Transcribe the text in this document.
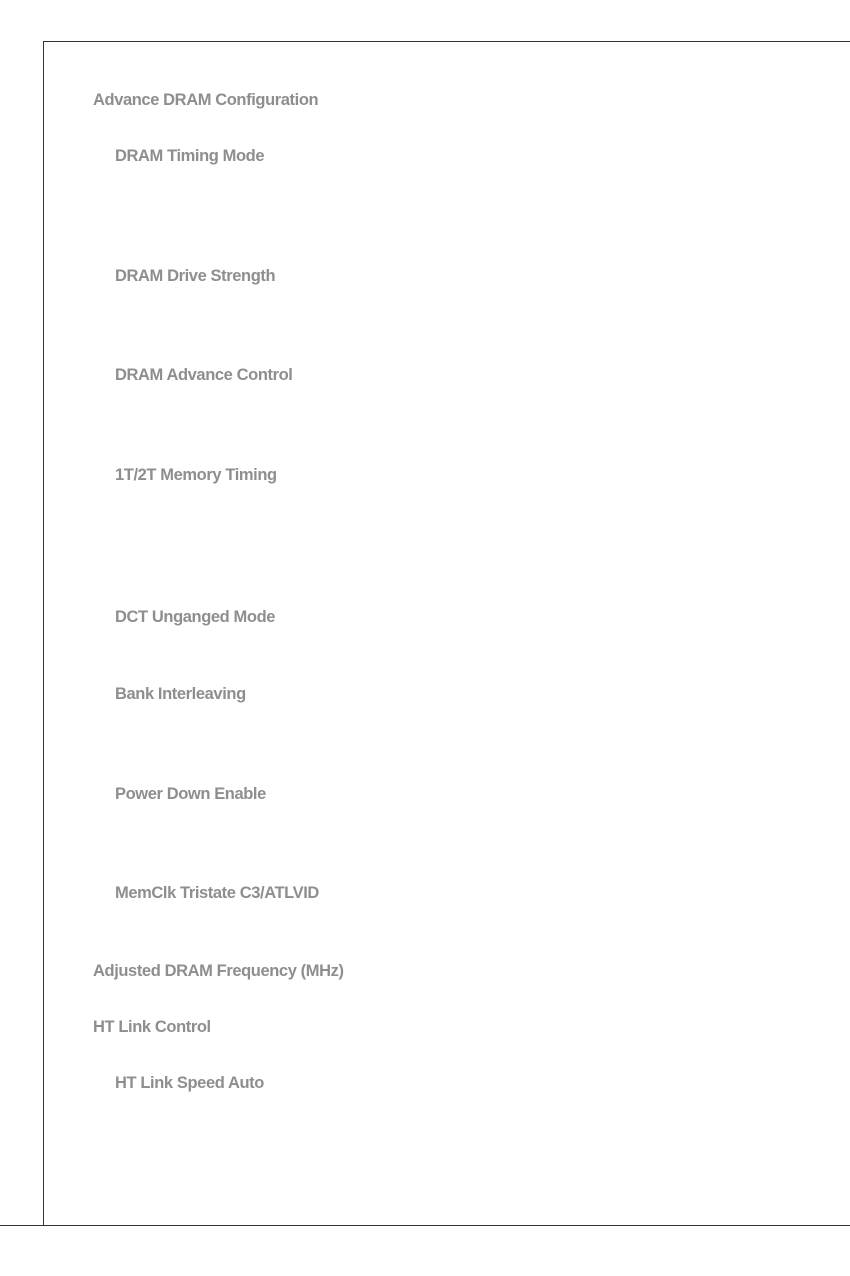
Advance DRAM Configuration
DRAM Timing Mode
DRAM Drive Strength
DRAM Advance Control
1T/2T Memory Timing
DCT Unganged Mode
Bank Interleaving
Power Down Enable
MemClk Tristate C3/ATLVID
Adjusted DRAM Frequency (MHz)
HT Link Control
HT Link Speed Auto
